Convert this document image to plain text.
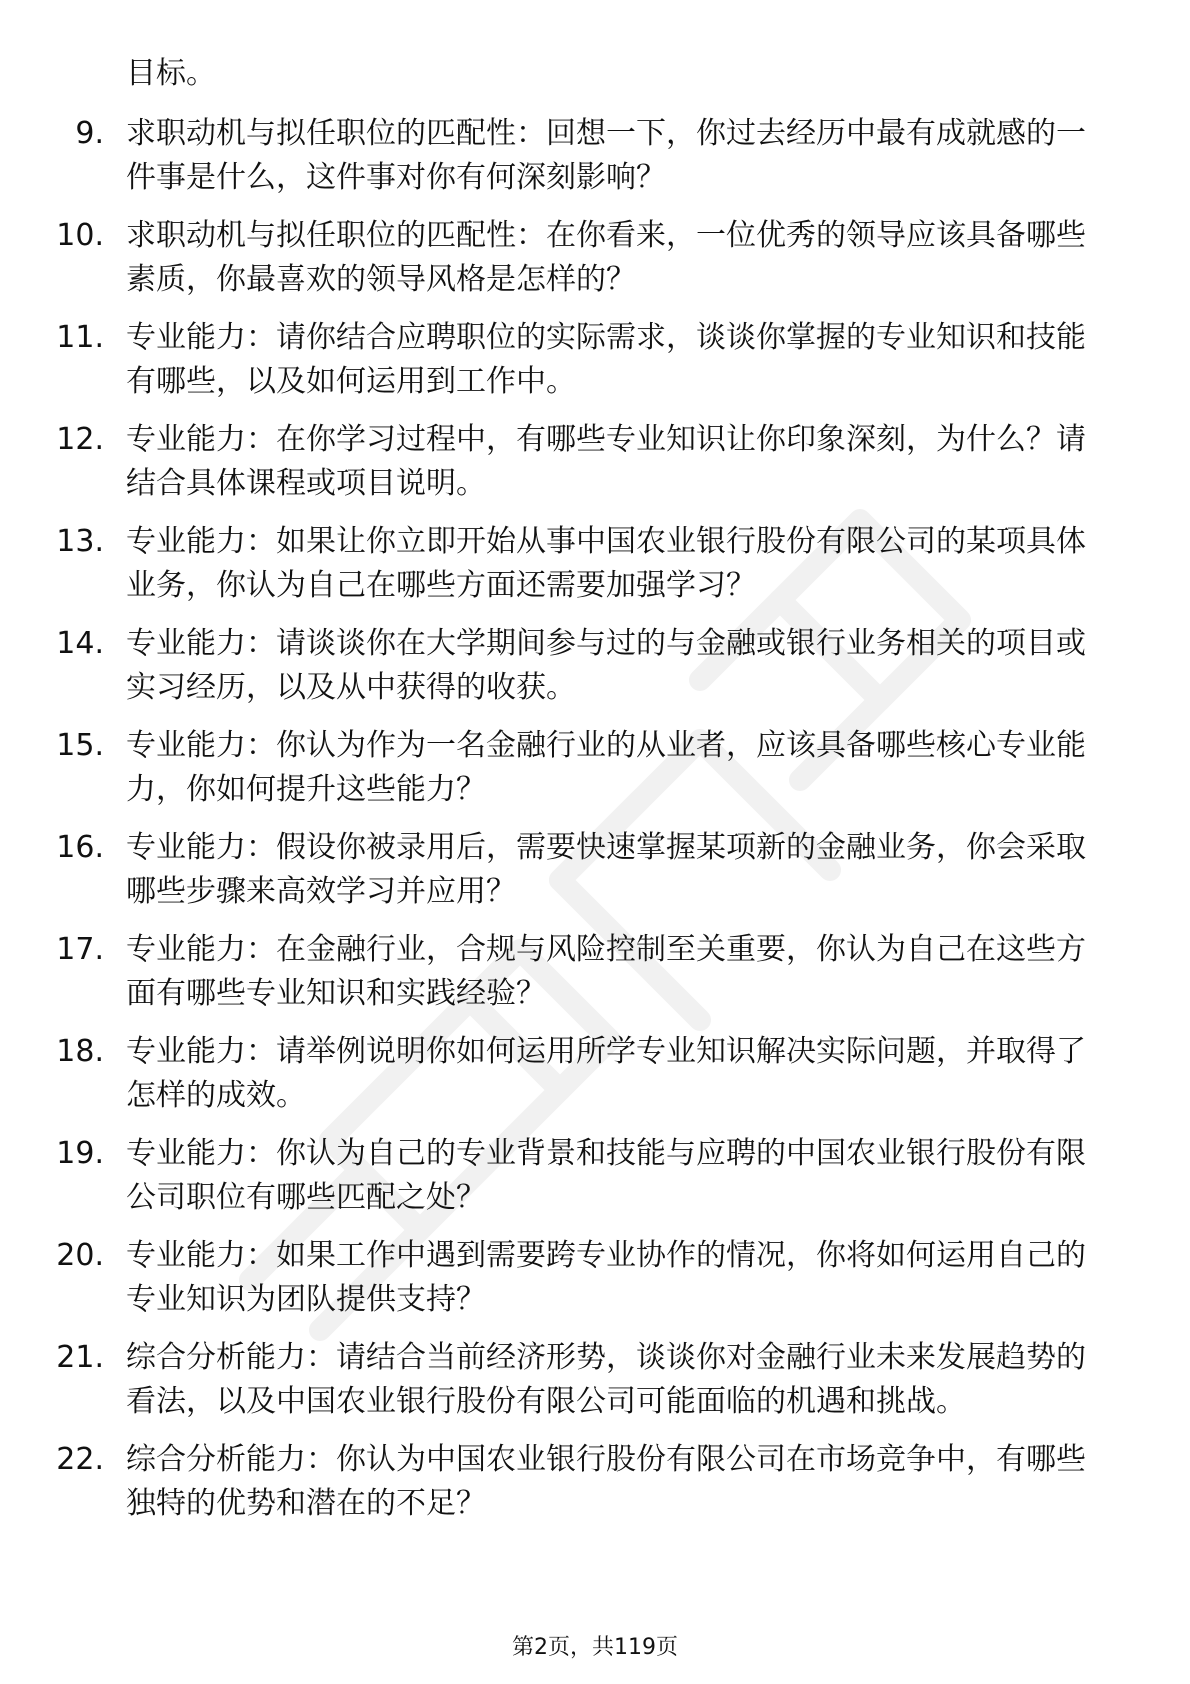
目标。

9. 求职动机与拟任职位的匹配性：回想一下，你过去经历中最有成就感的一件事是什么，这件事对你有何深刻影响？
10. 求职动机与拟任职位的匹配性：在你看来，一位优秀的领导应该具备哪些素质，你最喜欢的领导风格是怎样的？
11. 专业能力：请你结合应聘职位的实际需求，谈谈你掌握的专业知识和技能有哪些，以及如何运用到工作中。
12. 专业能力：在你学习过程中，有哪些专业知识让你印象深刻，为什么？请结合具体课程或项目说明。
13. 专业能力：如果让你立即开始从事中国农业银行股份有限公司的某项具体业务，你认为自己在哪些方面还需要加强学习？
14. 专业能力：请谈谈你在大学期间参与过的与金融或银行业务相关的项目或实习经历，以及从中获得的收获。
15. 专业能力：你认为作为一名金融行业的从业者，应该具备哪些核心专业能力，你如何提升这些能力？
16. 专业能力：假设你被录用后，需要快速掌握某项新的金融业务，你会采取哪些步骤来高效学习并应用？
17. 专业能力：在金融行业，合规与风险控制至关重要，你认为自己在这些方面有哪些专业知识和实践经验？
18. 专业能力：请举例说明你如何运用所学专业知识解决实际问题，并取得了怎样的成效。
19. 专业能力：你认为自己的专业背景和技能与应聘的中国农业银行股份有限公司职位有哪些匹配之处？
20. 专业能力：如果工作中遇到需要跨专业协作的情况，你将如何运用自己的专业知识为团队提供支持？
21. 综合分析能力：请结合当前经济形势，谈谈你对金融行业未来发展趋势的看法，以及中国农业银行股份有限公司可能面临的机遇和挑战。
22. 综合分析能力：你认为中国农业银行股份有限公司在市场竞争中，有哪些独特的优势和潜在的不足？
第2页，共119页
